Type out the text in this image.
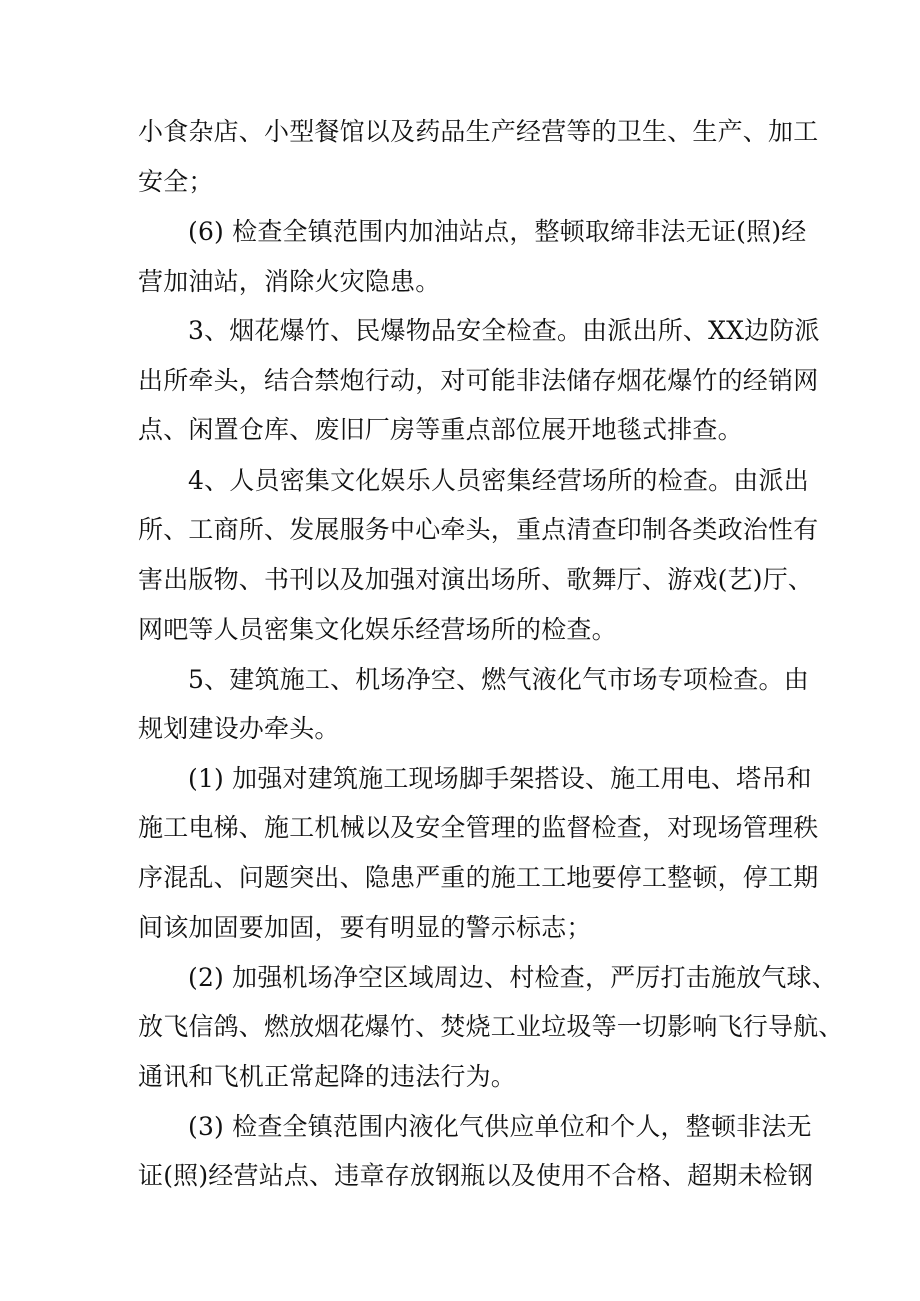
小食杂店、小型餐馆以及药品生产经营等的卫生、生产、加工
安全；
(6) 检查全镇范围内加油站点，整顿取缔非法无证(照)经
营加油站，消除火灾隐患。
3、烟花爆竹、民爆物品安全检查。由派出所、XX边防派
出所牵头，结合禁炮行动，对可能非法储存烟花爆竹的经销网
点、闲置仓库、废旧厂房等重点部位展开地毯式排查。
4、人员密集文化娱乐人员密集经营场所的检查。由派出
所、工商所、发展服务中心牵头，重点清查印制各类政治性有
害出版物、书刊以及加强对演出场所、歌舞厅、游戏(艺)厅、
网吧等人员密集文化娱乐经营场所的检查。
5、建筑施工、机场净空、燃气液化气市场专项检查。由
规划建设办牵头。
(1) 加强对建筑施工现场脚手架搭设、施工用电、塔吊和
施工电梯、施工机械以及安全管理的监督检查，对现场管理秩
序混乱、问题突出、隐患严重的施工工地要停工整顿，停工期
间该加固要加固，要有明显的警示标志；
(2) 加强机场净空区域周边、村检查，严厉打击施放气球、
放飞信鸽、燃放烟花爆竹、焚烧工业垃圾等一切影响飞行导航、
通讯和飞机正常起降的违法行为。
(3) 检查全镇范围内液化气供应单位和个人，整顿非法无
证(照)经营站点、违章存放钢瓶以及使用不合格、超期未检钢
